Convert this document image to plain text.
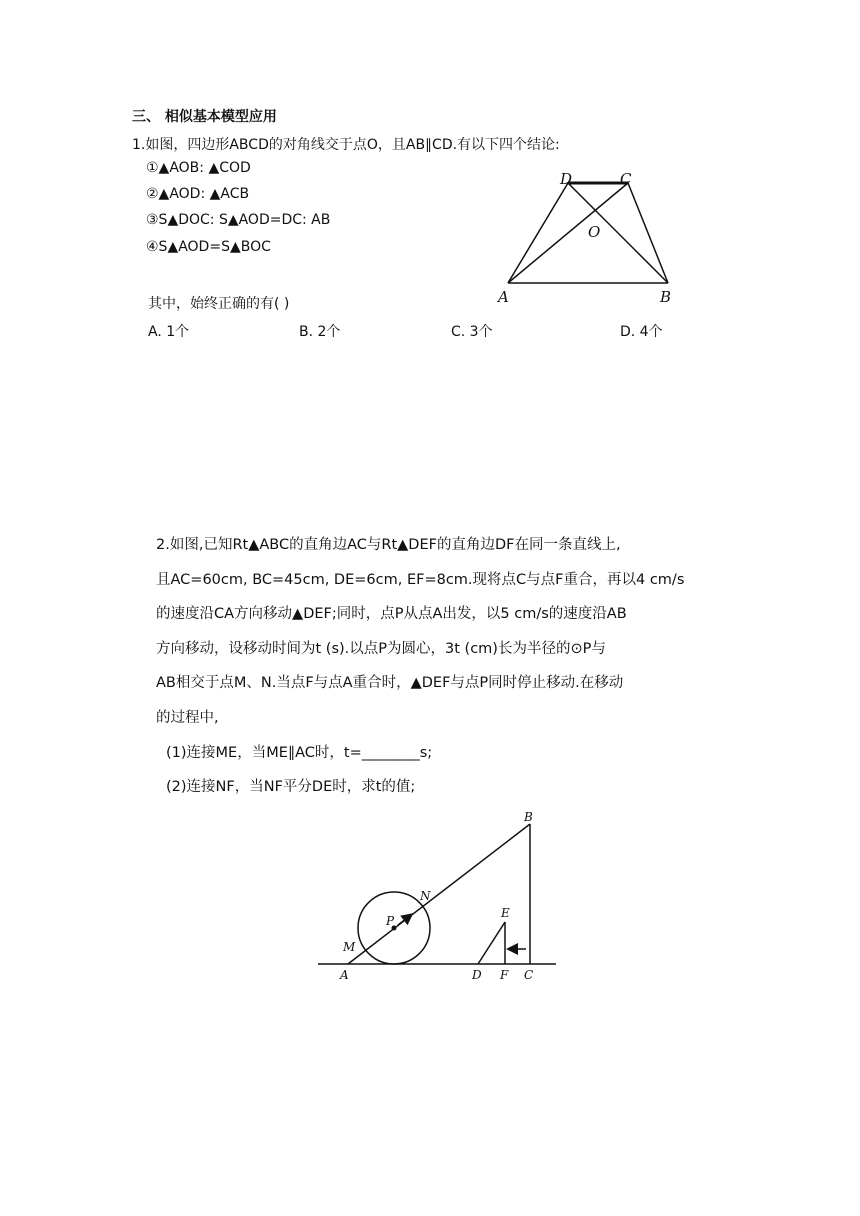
三、 相似基本模型应用
1.如图，四边形ABCD的对角线交于点O，且AB∥CD.有以下四个结论:
①▲AOB: ▲COD
②▲AOD: ▲ACB
③S▲DOC: S▲AOD=DC: AB
④S▲AOD=S▲BOC
其中，始终正确的有( )
A. 1个	B. 2个	C. 3个	D. 4个
D	C
O
A	B
2.如图,已知Rt▲ABC的直角边AC与Rt▲DEF的直角边DF在同一条直线上,
且AC=60cm, BC=45cm, DE=6cm, EF=8cm.现将点C与点F重合，再以4 cm/s
的速度沿CA方向移动▲DEF;同时，点P从点A出发，以5 cm/s的速度沿AB
方向移动，设移动时间为t (s).以点P为圆心，3t (cm)长为半径的⊙P与
AB相交于点M、N.当点F与点A重合时，▲DEF与点P同时停止移动.在移动
的过程中,
(1)连接ME，当ME∥AC时，t=________s;
(2)连接NF，当NF平分DE时，求t的值;
B
N
P
M
E
A	D F C
